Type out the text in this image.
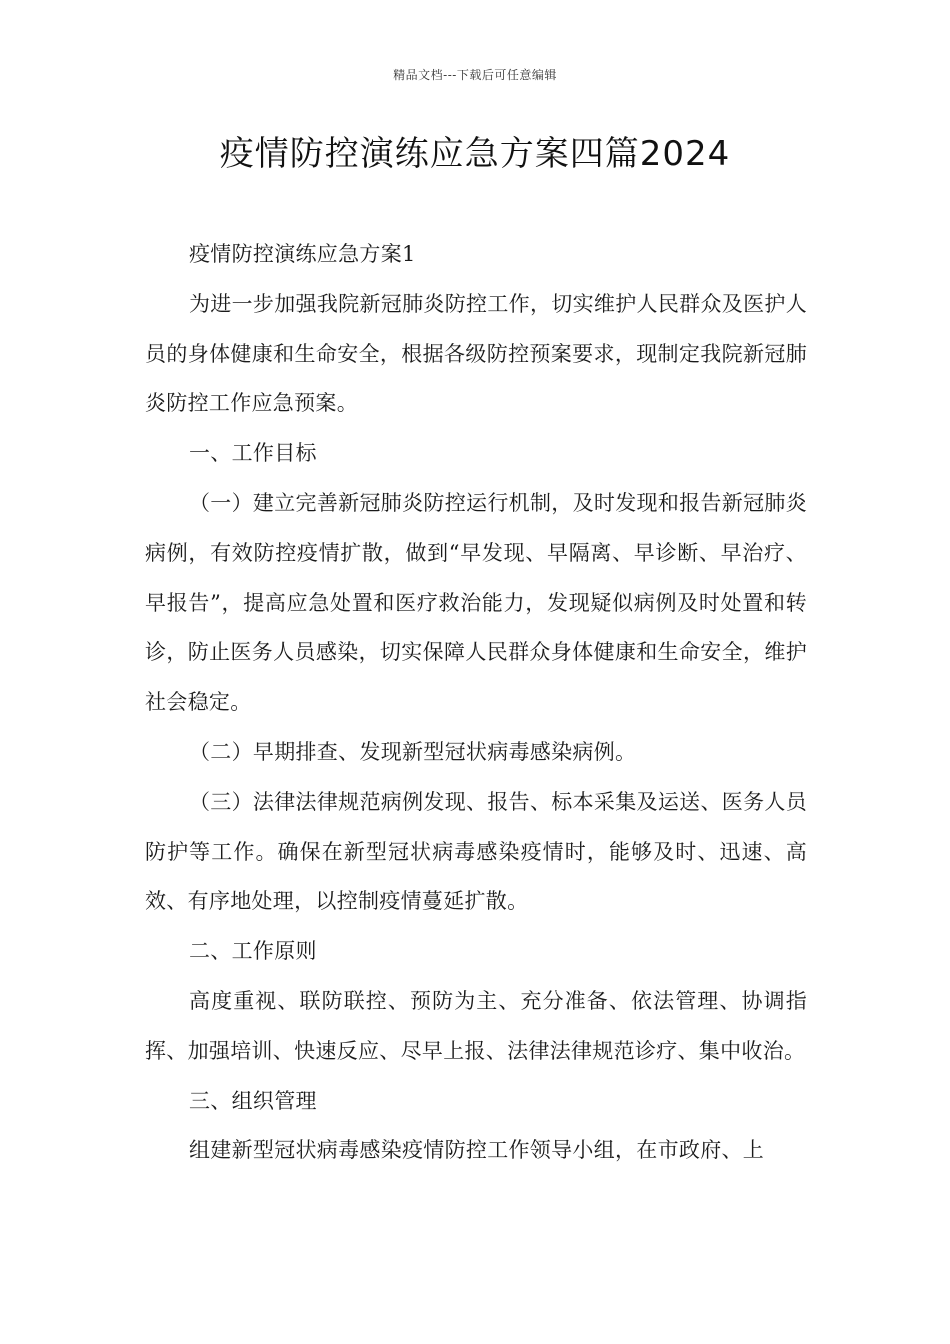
精品文档---下载后可任意编辑
疫情防控演练应急方案四篇2024

疫情防控演练应急方案1

为进一步加强我院新冠肺炎防控工作，切实维护人民群众及医护人员的身体健康和生命安全，根据各级防控预案要求，现制定我院新冠肺炎防控工作应急预案。

一、工作目标

（一）建立完善新冠肺炎防控运行机制，及时发现和报告新冠肺炎病例，有效防控疫情扩散，做到“早发现、早隔离、早诊断、早治疗、早报告”，提高应急处置和医疗救治能力，发现疑似病例及时处置和转诊，防止医务人员感染，切实保障人民群众身体健康和生命安全，维护社会稳定。

（二）早期排查、发现新型冠状病毒感染病例。

（三）法律法律规范病例发现、报告、标本采集及运送、医务人员防护等工作。确保在新型冠状病毒感染疫情时，能够及时、迅速、高效、有序地处理，以控制疫情蔓延扩散。

二、工作原则

高度重视、联防联控、预防为主、充分准备、依法管理、协调指挥、加强培训、快速反应、尽早上报、法律法律规范诊疗、集中收治。

三、组织管理

组建新型冠状病毒感染疫情防控工作领导小组，在市政府、上
